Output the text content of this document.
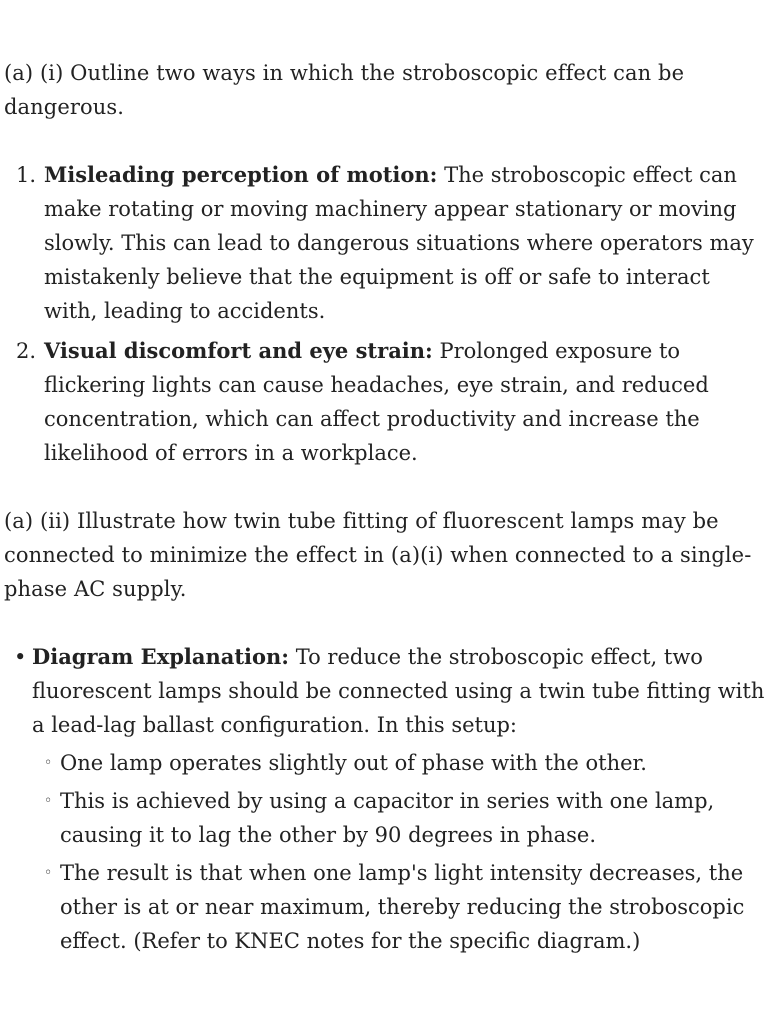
(a) (i) Outline two ways in which the stroboscopic effect can be dangerous.

1. Misleading perception of motion: The stroboscopic effect can make rotating or moving machinery appear stationary or moving slowly. This can lead to dangerous situations where operators may mistakenly believe that the equipment is off or safe to interact with, leading to accidents.
2. Visual discomfort and eye strain: Prolonged exposure to flickering lights can cause headaches, eye strain, and reduced concentration, which can affect productivity and increase the likelihood of errors in a workplace.

(a) (ii) Illustrate how twin tube fitting of fluorescent lamps may be connected to minimize the effect in (a)(i) when connected to a single-phase AC supply.

• Diagram Explanation: To reduce the stroboscopic effect, two fluorescent lamps should be connected using a twin tube fitting with a lead-lag ballast configuration. In this setup:
◦ One lamp operates slightly out of phase with the other.
◦ This is achieved by using a capacitor in series with one lamp, causing it to lag the other by 90 degrees in phase.
◦ The result is that when one lamp's light intensity decreases, the other is at or near maximum, thereby reducing the stroboscopic effect. (Refer to KNEC notes for the specific diagram.)
